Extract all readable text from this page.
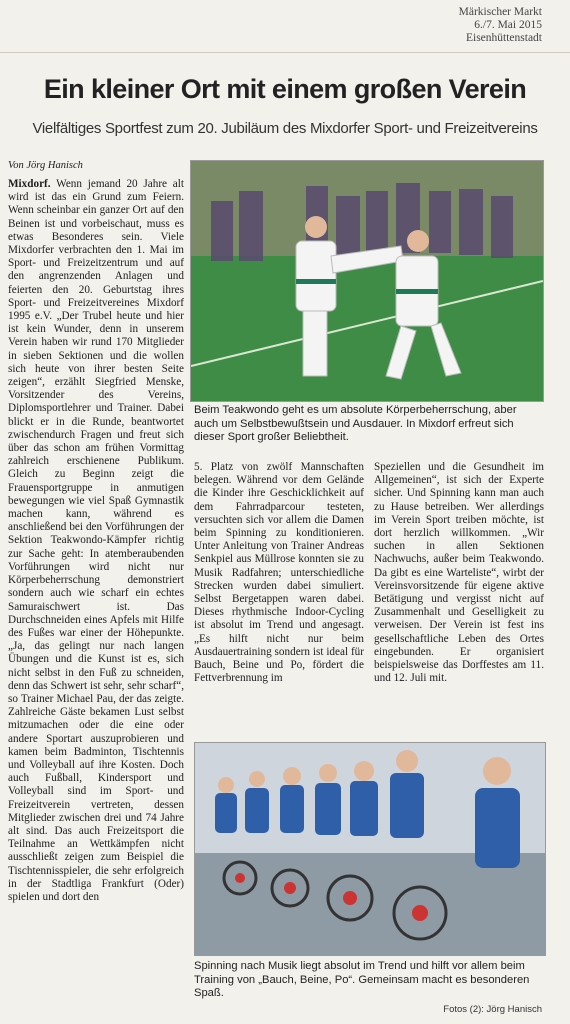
Märkischer Markt
6./7. Mai 2015
Eisenhüttenstadt
Ein kleiner Ort mit einem großen Verein
Vielfältiges Sportfest zum 20. Jubiläum des Mixdorfer Sport- und Freizeitvereins
Von Jörg Hanisch

Mixdorf. Wenn jemand 20 Jahre alt wird ist das ein Grund zum Feiern. Wenn scheinbar ein ganzer Ort auf den Beinen ist und vorbeischaut, muss es etwas Besonderes sein. Viele Mixdorfer verbrachten den 1. Mai im Sport- und Freizeitzentrum und auf den angrenzenden Anlagen und feierten den 20. Geburtstag ihres Sport- und Freizeitvereines Mixdorf 1995 e.V. „Der Trubel heute und hier ist kein Wunder, denn in unserem Verein haben wir rund 170 Mitglieder in sieben Sektionen und die wollen sich heute von ihrer besten Seite zeigen“, erzählt Siegfried Menske, Vorsitzender des Vereins, Diplomsportlehrer und Trainer. Dabei blickt er in die Runde, beantwortet zwischendurch Fragen und freut sich über das schon am frühen Vormittag zahlreich erschienene Publikum. Gleich zu Beginn zeigt die Frauensportgruppe in anmutigen bewegungen wie viel Spaß Gymnastik machen kann, während es anschließend bei den Vorführungen der Sektion Teakwondo-Kämpfer richtig zur Sache geht: In atemberaubenden Vorführungen wird nicht nur Körperbeherrschung demonstriert sondern auch wie scharf ein echtes Samuraischwert ist. Das Durchschneiden eines Apfels mit Hilfe des Fußes war einer der Höhepunkte. „Ja, das gelingt nur nach langen Übungen und die Kunst ist es, sich nicht selbst in den Fuß zu schneiden, denn das Schwert ist sehr, sehr scharf“, so Trainer Michael Pau, der das zeigte. Zahlreiche Gäste bekamen Lust selbst mitzumachen oder die eine oder andere Sportart auszuprobieren und kamen beim Badminton, Tischtennis und Volleyball auf ihre Kosten. Doch auch Fußball, Kindersport und Volleyball sind im Sport- und Freizeitverein vertreten, dessen Mitglieder zwischen drei und 74 Jahre alt sind. Das auch Freizeitsport die Teilnahme an Wettkämpfen nicht ausschließt zeigen zum Beispiel die Tischtennisspieler, die sehr erfolgreich in der Stadtliga Frankfurt (Oder) spielen und dort den

Beim Teakwondo geht es um absolute Körperbeherrschung, aber auch um Selbstbewußtsein und Ausdauer. In Mixdorf erfreut sich dieser Sport großer Beliebtheit.
5. Platz von zwölf Mannschaften belegen. Während vor dem Gelände die Kinder ihre Geschicklichkeit auf dem Fahrradparcour testeten, versuchten sich vor allem die Damen beim Spinning zu konditionieren. Unter Anleitung von Trainer Andreas Senkpiel aus Müllrose konnten sie zu Musik Radfahren; unterschiedliche Strecken wurden dabei simuliert. Selbst Bergetappen waren dabei. Dieses rhythmische Indoor-Cycling ist absolut im Trend und angesagt. „Es hilft nicht nur beim Ausdauertraining sondern ist ideal für Bauch, Beine und Po, fördert die Fettverbrennung im
Speziellen und die Gesundheit im Allgemeinen“, ist sich der Experte sicher. Und Spinning kann man auch zu Hause betreiben. Wer allerdings im Verein Sport treiben möchte, ist dort herzlich willkommen. „Wir suchen in allen Sektionen Nachwuchs, außer beim Teakwondo. Da gibt es eine Warteliste“, wirbt der Vereinsvorsitzende für eigene aktive Betätigung und vergisst nicht auf Zusammenhalt und Geselligkeit zu verweisen. Der Verein ist fest ins gesellschaftliche Leben des Ortes eingebunden. Er organisiert beispielsweise das Dorffestes am 11. und 12. Juli mit.
Spinning nach Musik liegt absolut im Trend und hilft vor allem beim Training von „Bauch, Beine, Po“. Gemeinsam macht es besonderen Spaß.
Fotos (2): Jörg Hanisch
